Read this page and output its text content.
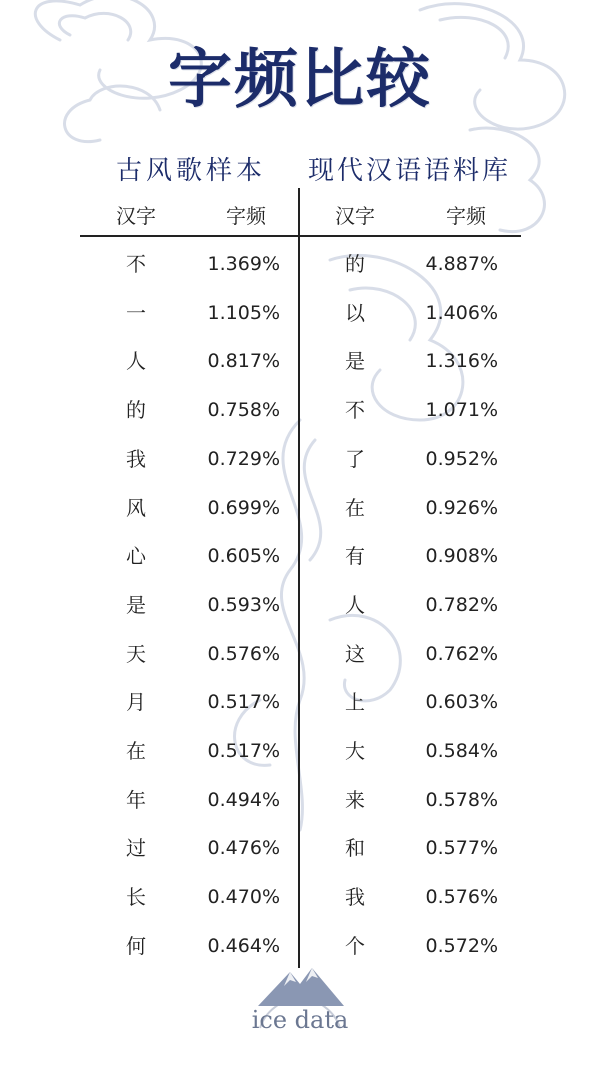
字频比较
古风歌样本 现代汉语语料库
汉字	字频	汉字	字频
不	1.369%	的	4.887%
一	1.105%	以	1.406%
人	0.817%	是	1.316%
的	0.758%	不	1.071%
我	0.729%	了	0.952%
风	0.699%	在	0.926%
心	0.605%	有	0.908%
是	0.593%	人	0.782%
天	0.576%	这	0.762%
月	0.517%	上	0.603%
在	0.517%	大	0.584%
年	0.494%	来	0.578%
过	0.476%	和	0.577%
长	0.470%	我	0.576%
何	0.464%	个	0.572%
ice data
